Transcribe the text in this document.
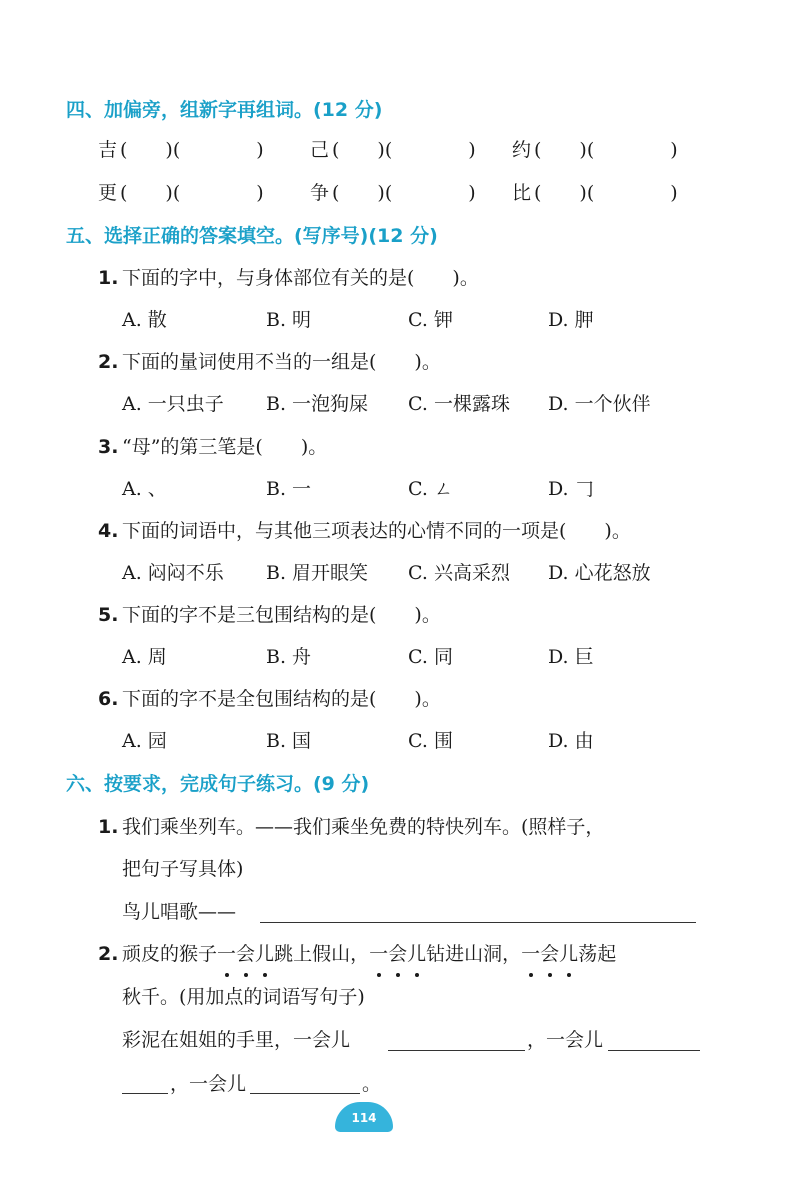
四、加偏旁，组新字再组词。(12 分)
吉 (　　)(　　　　) 己 (　　)(　　　　) 约 (　　)(　　　　)
更 (　　)(　　　　) 争 (　　)(　　　　) 比 (　　)(　　　　)
五、选择正确的答案填空。(写序号)(12 分)
1. 下面的字中，与身体部位有关的是(　　)。
A. 散	B. 明	C. 钾	D. 胛
2. 下面的量词使用不当的一组是(　　)。
A. 一只虫子 B. 一泡狗屎 C. 一棵露珠 D. 一个伙伴
3. “母”的第三笔是(　　)。
A. 、	B. 一	C. ㄥ	D. 𠃌
4. 下面的词语中，与其他三项表达的心情不同的一项是(　　)。
A. 闷闷不乐 B. 眉开眼笑 C. 兴高采烈 D. 心花怒放
5. 下面的字不是三包围结构的是(　　)。
A. 周	B. 舟	C. 同	D. 巨
6. 下面的字不是全包围结构的是(　　)。
A. 园	B. 国	C. 围	D. 由
六、按要求，完成句子练习。(9 分)
1. 我们乘坐列车。——我们乘坐免费的特快列车。(照样子，
把句子写具体)
鸟儿唱歌——
2. 顽皮的猴子一会儿跳上假山，一会儿钻进山洞，一会儿荡起
秋千。(用加点的词语写句子)
彩泥在姐姐的手里，一会儿	，一会儿
，一会儿	。
114
